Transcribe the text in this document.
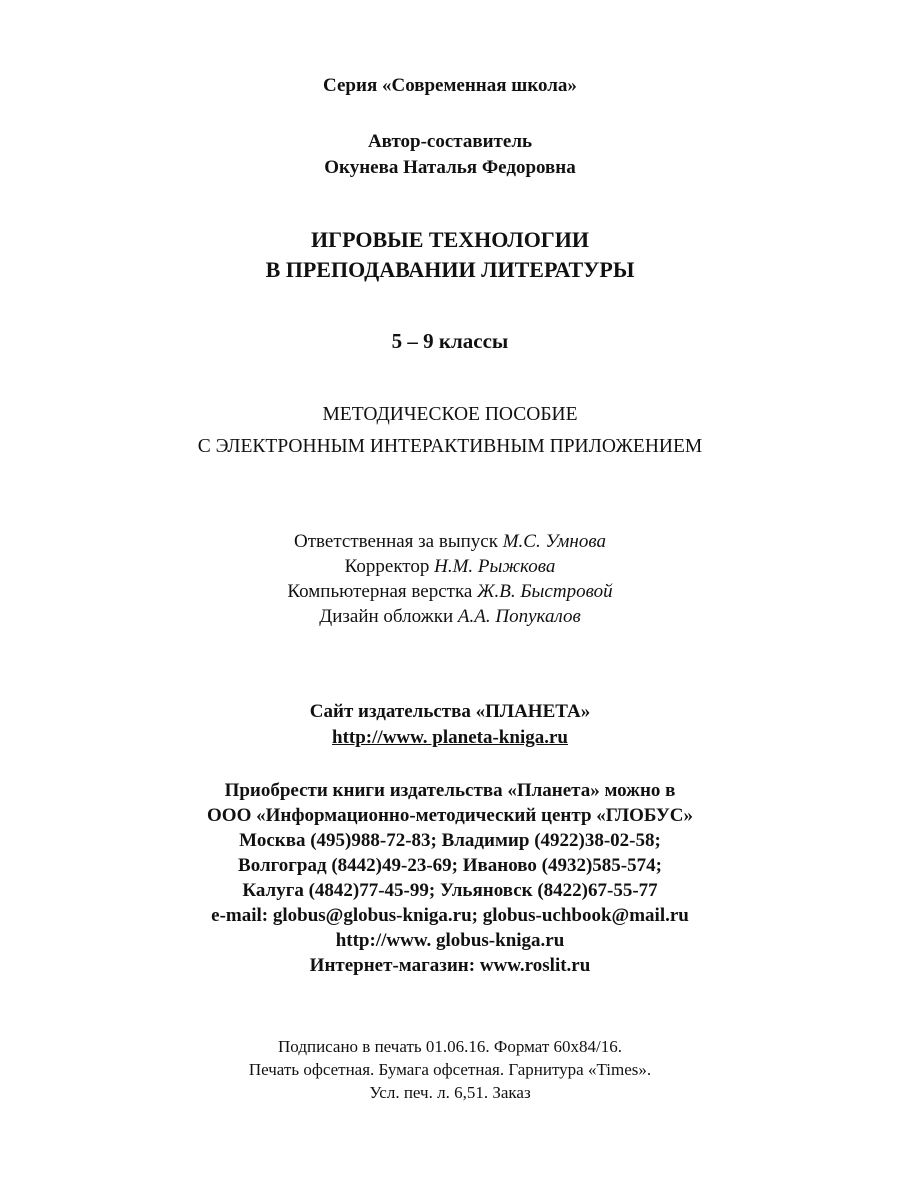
Серия «Современная школа»
Автор-составитель
Окунева Наталья Федоровна
ИГРОВЫЕ ТЕХНОЛОГИИ
В ПРЕПОДАВАНИИ ЛИТЕРАТУРЫ
5 – 9 классы
МЕТОДИЧЕСКОЕ ПОСОБИЕ
С ЭЛЕКТРОННЫМ ИНТЕРАКТИВНЫМ ПРИЛОЖЕНИЕМ
Ответственная за выпуск М.С. Умнова
Корректор Н.М. Рыжкова
Компьютерная верстка Ж.В. Быстровой
Дизайн обложки А.А. Попукалов
Сайт издательства «ПЛАНЕТА»
http://www. planeta-kniga.ru
Приобрести книги издательства «Планета» можно в
ООО «Информационно-методический центр «ГЛОБУС»
Москва (495)988-72-83; Владимир (4922)38-02-58;
Волгоград (8442)49-23-69; Иваново (4932)585-574;
Калуга (4842)77-45-99; Ульяновск (8422)67-55-77
e-mail: globus@globus-kniga.ru; globus-uchbook@mail.ru
http://www. globus-kniga.ru
Интернет-магазин: www.roslit.ru
Подписано в печать 01.06.16. Формат 60х84/16.
Печать офсетная. Бумага офсетная. Гарнитура «Times».
Усл. печ. л. 6,51. Заказ
